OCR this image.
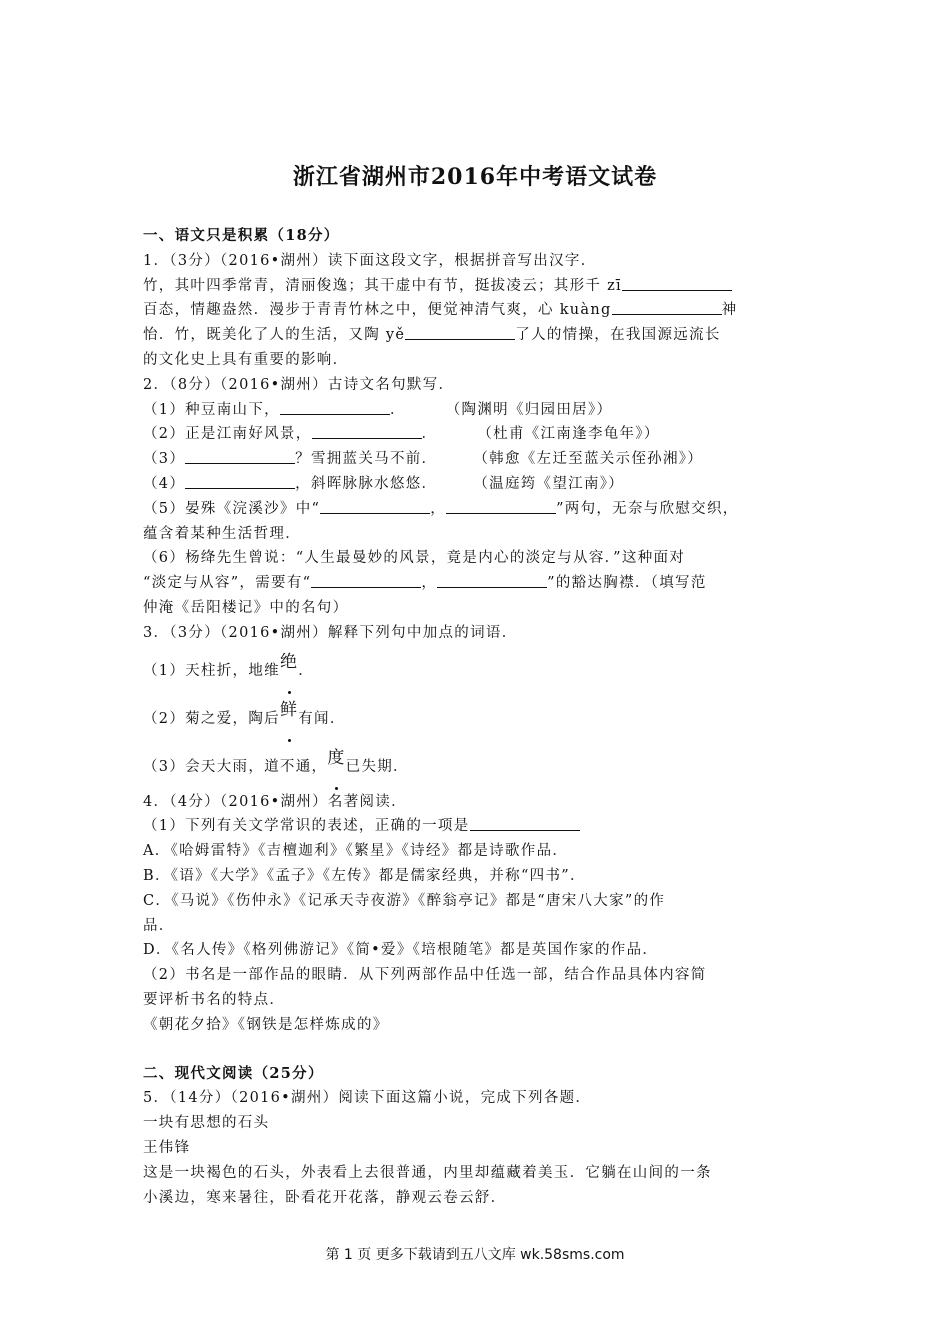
浙江省湖州市2016年中考语文试卷
一、语文只是积累（18分）
1．（3分）（2016•湖州）读下面这段文字，根据拼音写出汉字．
竹，其叶四季常青，清丽俊逸；其干虚中有节，挺拔凌云；其形千 zī
百态，情趣盎然．漫步于青青竹林之中，便觉神清气爽，心 kuàng	神
怡．竹，既美化了人的生活，又陶 yě	了人的情操，在我国源远流长
的文化史上具有重要的影响．
2．（8分）（2016•湖州）古诗文名句默写．
（1）种豆南山下，	．	（陶渊明《归园田居》）
（2）正是江南好风景，	．	（杜甫《江南逢李龟年》）
（3）	？雪拥蓝关马不前． （韩愈《左迁至蓝关示侄孙湘》）
（4）	，斜晖脉脉水悠悠． （温庭筠《望江南》）
（5）晏殊《浣溪沙》中“	，	”两句，无奈与欣慰交织，
蕴含着某种生活哲理．
（6）杨绛先生曾说：“人生最曼妙的风景，竟是内心的淡定与从容．”这种面对
“淡定与从容”，需要有“	，	”的豁达胸襟．（填写范
仲淹《岳阳楼记》中的名句）
3．（3分）（2016•湖州）解释下列句中加点的词语．
（1）天柱折，地维绝．
（2）菊之爱，陶后鲜有闻．
（3）会天大雨，道不通，度已失期．
4．（4分）（2016•湖州）名著阅读．
（1）下列有关文学常识的表述，正确的一项是
A．《哈姆雷特》《吉檀迦利》《繁星》《诗经》都是诗歌作品．
B．《语》《大学》《孟子》《左传》都是儒家经典，并称“四书”．
C．《马说》《伤仲永》《记承天寺夜游》《醉翁亭记》都是“唐宋八大家”的作
品．
D．《名人传》《格列佛游记》《简•爱》《培根随笔》都是英国作家的作品．
（2）书名是一部作品的眼睛．从下列两部作品中任选一部，结合作品具体内容简
要评析书名的特点．
《朝花夕拾》《钢铁是怎样炼成的》
二、现代文阅读（25分）
5．（14分）（2016•湖州）阅读下面这篇小说，完成下列各题．
一块有思想的石头
王伟锋
这是一块褐色的石头，外表看上去很普通，内里却蕴藏着美玉．它躺在山间的一条
小溪边，寒来暑往，卧看花开花落，静观云卷云舒．
第 1 页 更多下载请到五八文库 wk.58sms.com
